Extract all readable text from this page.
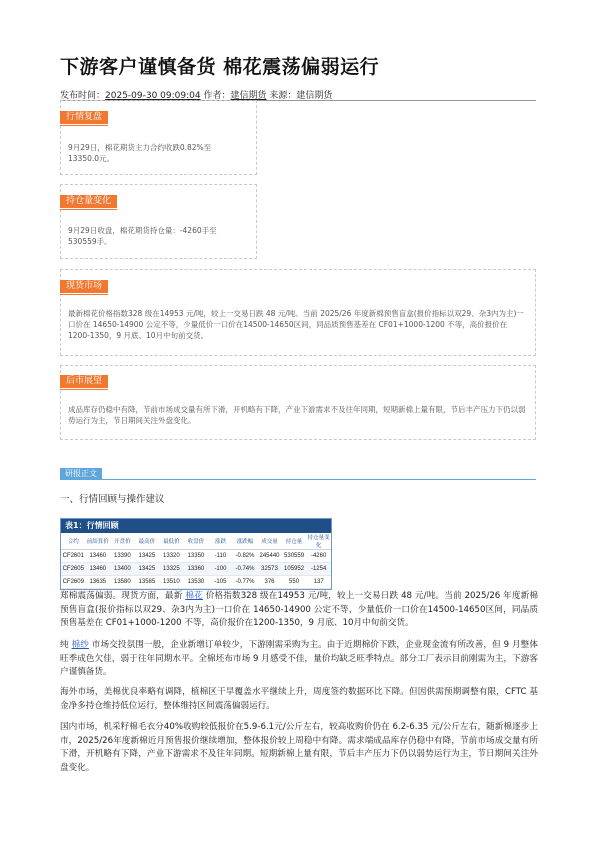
下游客户谨慎备货 棉花震荡偏弱运行
发布时间：2025-09-30 09:09:04 作者：建信期货 来源：建信期货
行情复盘
9月29日，棉花期货主力合约收跌0.82%至13350.0元。
持仓量变化
9月29日收盘，棉花期货持仓量：-4260手至530559手。
现货市场
最新棉花价格指数328 级在14953 元/吨，较上一交易日跌 48 元/吨。当前 2025/26 年度新棉预售盲盒(报价指标以双29、杂3内为主)一口价在 14650-14900 公定不等，少量低价一口价在14500-14650区间，同品质预售基差在 CF01+1000-1200 不等，高价报价在1200-1350，9 月底、10月中旬前交货。
后市展望
成品库存仍稳中有降，节前市场成交量有所下滑，开机略有下降，产业下游需求不及往年同期，短期新棉上量有限，节后丰产压力下仍以弱势运行为主，节日期间关注外盘变化。
研报正文
一、行情回顾与操作建议
表1：行情回顾
合约	前結算价	开盘价	最高价	最低价	收盘价	涨跌	涨跌幅	成交量	持仓量	持仓量变化
CF2601	13460	13390	13425	13320	13350	-110	-0.82%	245440	530559	-4260
CF2605	13460	13400	13425	13325	13360	-100	-0.74%	32573	105952	-1254
CF2609	13635	13580	13585	13510	13530	-105	-0.77%	376	550	137
郑棉震荡偏弱。现货方面，最新 棉花 价格指数328 级在14953 元/吨，较上一交易日跌 48 元/吨。当前 2025/26 年度新棉预售盲盒(报价指标以双29、杂3内为主)一口价在 14650-14900 公定不等，少量低价一口价在14500-14650区间，同品质预售基差在 CF01+1000-1200 不等，高价报价在1200-1350，9 月底、10月中旬前交货。
纯 棉纱 市场交投氛围一般，企业新增订单较少，下游刚需采购为主。由于近期棉价下跌，企业现金流有所改善，但 9 月整体旺季成色欠佳，弱于往年同期水平。全棉坯布市场 9 月感受不佳，量价均缺乏旺季特点。部分工厂表示目前刚需为主，下游客户谨慎备货。
海外市场，美棉优良率略有调降，植棉区干旱覆盖水平继续上升，周度签约数据环比下降。但因供需预期调整有限，CFTC 基金净多持仓维持低位运行，整体维持区间震荡偏弱运行。
国内市场，机采籽棉毛衣分40%收购较低报价在5.9-6.1元/公斤左右，较高收购价仍在 6.2-6.35 元/公斤左右，随新棉逐步上市，2025/26年度新棉近月预售报价继续增加，整体报价较上周稳中有降。需求端成品库存仍稳中有降，节前市场成交量有所下滑，开机略有下降，产业下游需求不及往年同期。短期新棉上量有限，节后丰产压力下仍以弱势运行为主，节日期间关注外盘变化。
